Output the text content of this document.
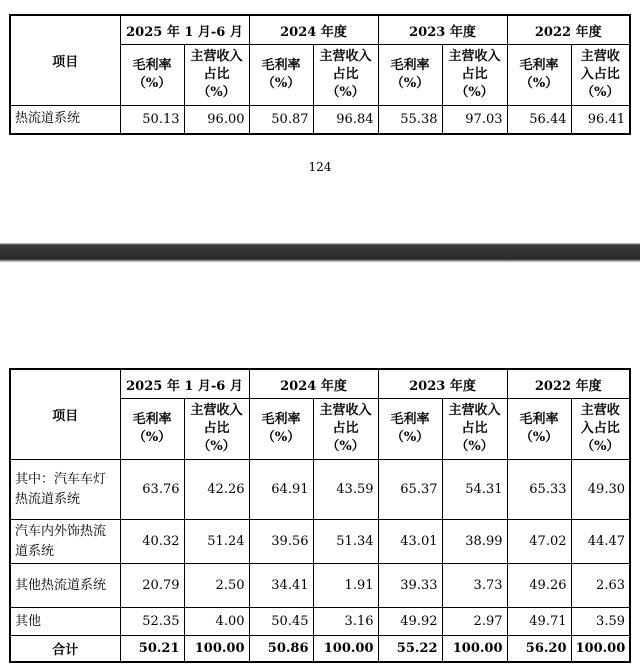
项目	2025 年 1 月-6 月		2024 年度		2023 年度		2022 年度	
	毛利率（%）	主营收入占比（%）	毛利率（%）	主营收入占比（%）	毛利率（%）	主营收入占比（%）	毛利率（%）	主营收入占比（%）
热流道系统	50.13	96.00	50.87	96.84	55.38	97.03	56.44	96.41
124
项目	2025 年 1 月-6 月		2024 年度		2023 年度		2022 年度	
	毛利率（%）	主营收入占比（%）	毛利率（%）	主营收入占比（%）	毛利率（%）	主营收入占比（%）	毛利率（%）	主营收入占比（%）
其中：汽车车灯热流道系统	63.76	42.26	64.91	43.59	65.37	54.31	65.33	49.30
汽车内外饰热流道系统	40.32	51.24	39.56	51.34	43.01	38.99	47.02	44.47
其他热流道系统	20.79	2.50	34.41	1.91	39.33	3.73	49.26	2.63
其他	52.35	4.00	50.45	3.16	49.92	2.97	49.71	3.59
合计	50.21	100.00	50.86	100.00	55.22	100.00	56.20	100.00
